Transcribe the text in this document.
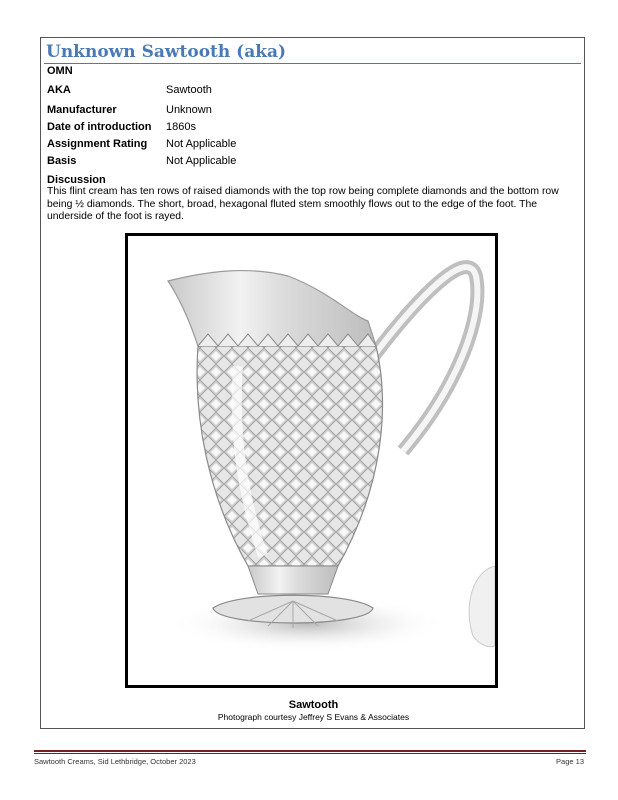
Unknown Sawtooth (aka)
OMN
AKA	Sawtooth
Manufacturer	Unknown
Date of introduction 1860s
Assignment Rating Not Applicable
Basis	Not Applicable
Discussion
This flint cream has ten rows of raised diamonds with the top row being complete diamonds and the bottom row being ½ diamonds. The short, broad, hexagonal fluted stem smoothly flows out to the edge of the foot. The underside of the foot is rayed.
Sawtooth
Photograph courtesy Jeffrey S Evans & Associates
Sawtooth Creams, Sid Lethbridge, October 2023	Page 13
